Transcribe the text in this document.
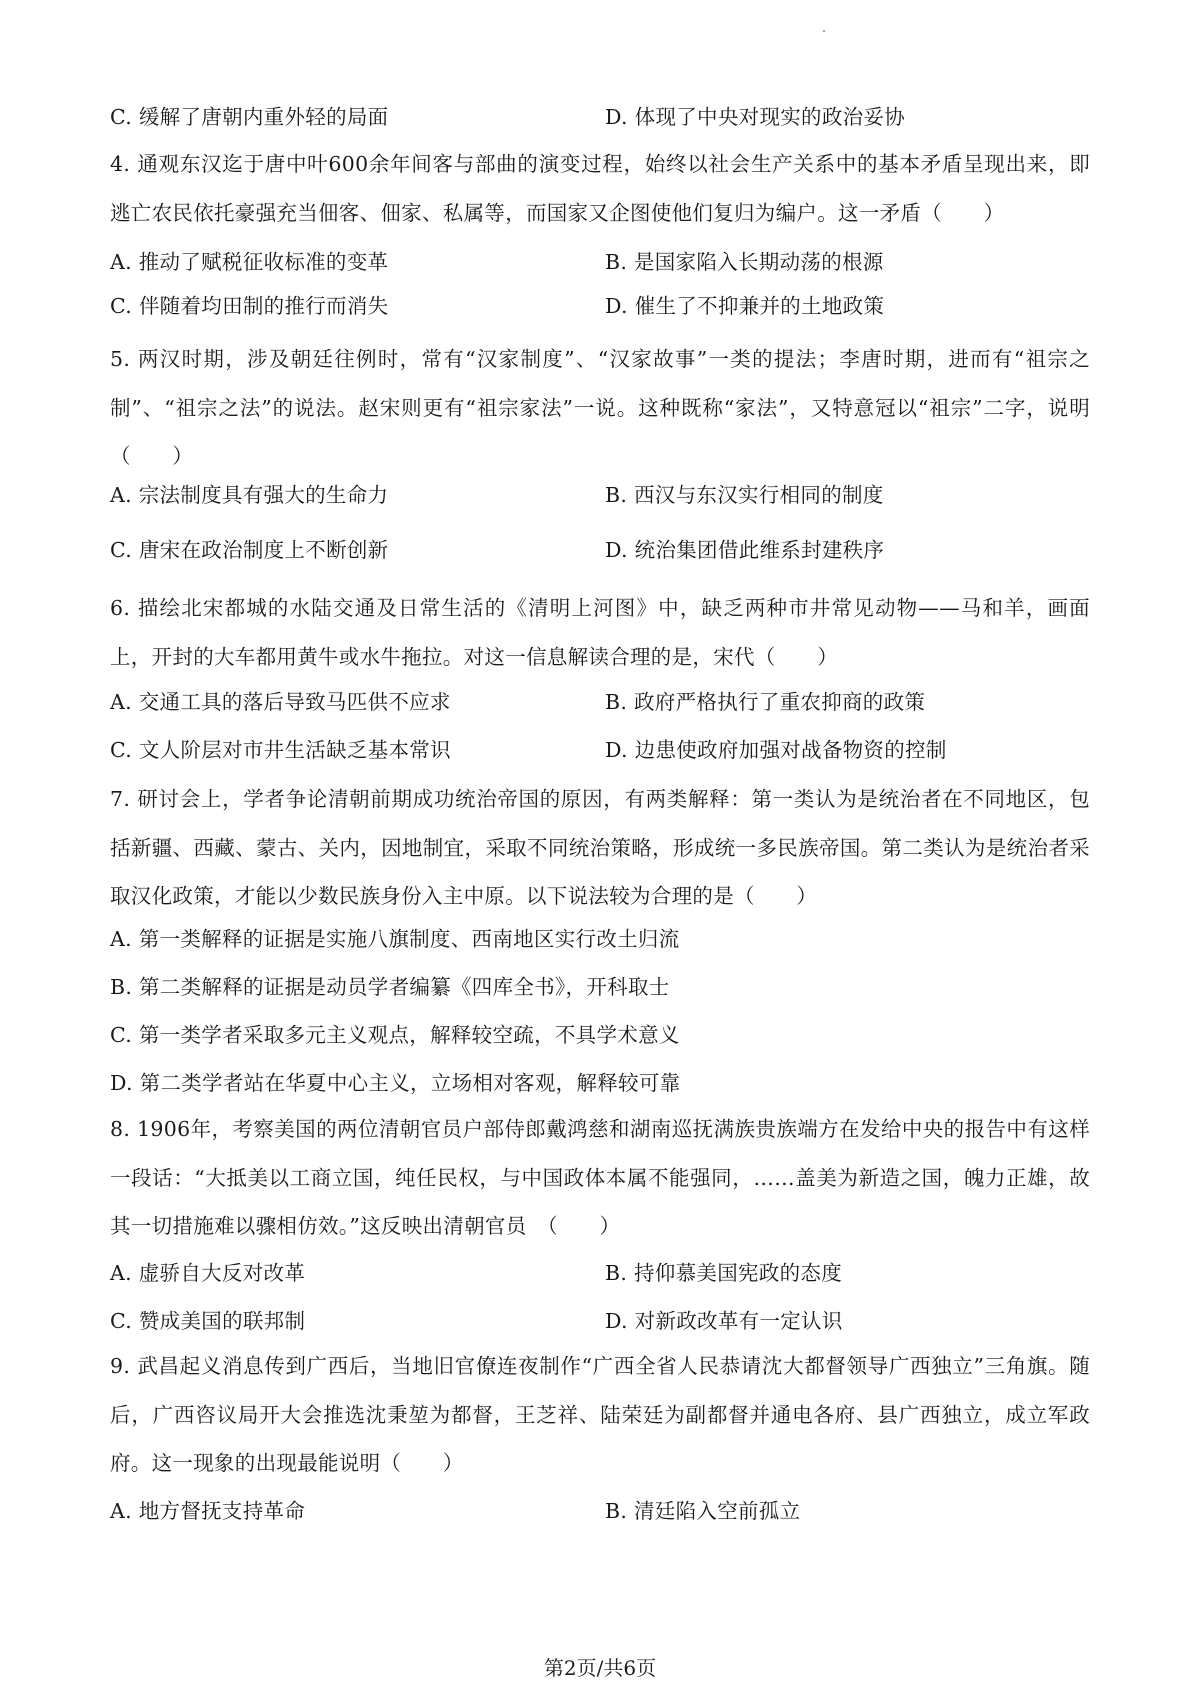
C. 缓解了唐朝内重外轻的局面	D. 体现了中央对现实的政治妥协
4. 通观东汉迄于唐中叶600余年间客与部曲的演变过程，始终以社会生产关系中的基本矛盾呈现出来，即逃亡农民依托豪强充当佃客、佃家、私属等，而国家又企图使他们复归为编户。这一矛盾（　　）
A. 推动了赋税征收标准的变革	B. 是国家陷入长期动荡的根源
C. 伴随着均田制的推行而消失	D. 催生了不抑兼并的土地政策
5. 两汉时期，涉及朝廷往例时，常有“汉家制度”、“汉家故事”一类的提法；李唐时期，进而有“祖宗之制”、“祖宗之法”的说法。赵宋则更有“祖宗家法”一说。这种既称“家法”，又特意冠以“祖宗”二字，说明（　　）
A. 宗法制度具有强大的生命力	B. 西汉与东汉实行相同的制度
C. 唐宋在政治制度上不断创新	D. 统治集团借此维系封建秩序
6. 描绘北宋都城的水陆交通及日常生活的《清明上河图》中，缺乏两种市井常见动物——马和羊，画面上，开封的大车都用黄牛或水牛拖拉。对这一信息解读合理的是，宋代（　　）
A. 交通工具的落后导致马匹供不应求	B. 政府严格执行了重农抑商的政策
C. 文人阶层对市井生活缺乏基本常识	D. 边患使政府加强对战备物资的控制
7. 研讨会上，学者争论清朝前期成功统治帝国的原因，有两类解释：第一类认为是统治者在不同地区，包括新疆、西藏、蒙古、关内，因地制宜，采取不同统治策略，形成统一多民族帝国。第二类认为是统治者采取汉化政策，才能以少数民族身份入主中原。以下说法较为合理的是（　　）
A. 第一类解释的证据是实施八旗制度、西南地区实行改土归流
B. 第二类解释的证据是动员学者编纂《四库全书》，开科取士
C. 第一类学者采取多元主义观点，解释较空疏，不具学术意义
D. 第二类学者站在华夏中心主义，立场相对客观，解释较可靠
8. 1906年，考察美国的两位清朝官员户部侍郎戴鸿慈和湖南巡抚满族贵族端方在发给中央的报告中有这样一段话：“大抵美以工商立国，纯任民权，与中国政体本属不能强同，……盖美为新造之国，魄力正雄，故其一切措施难以骤相仿效。”这反映出清朝官员　（　　）
A. 虚骄自大反对改革	B. 持仰慕美国宪政的态度
C. 赞成美国的联邦制	D. 对新政改革有一定认识
9. 武昌起义消息传到广西后，当地旧官僚连夜制作“广西全省人民恭请沈大都督领导广西独立”三角旗。随后，广西咨议局开大会推选沈秉堃为都督，王芝祥、陆荣廷为副都督并通电各府、县广西独立，成立军政府。这一现象的出现最能说明（　　）
A. 地方督抚支持革命	B. 清廷陷入空前孤立
第2页/共6页
